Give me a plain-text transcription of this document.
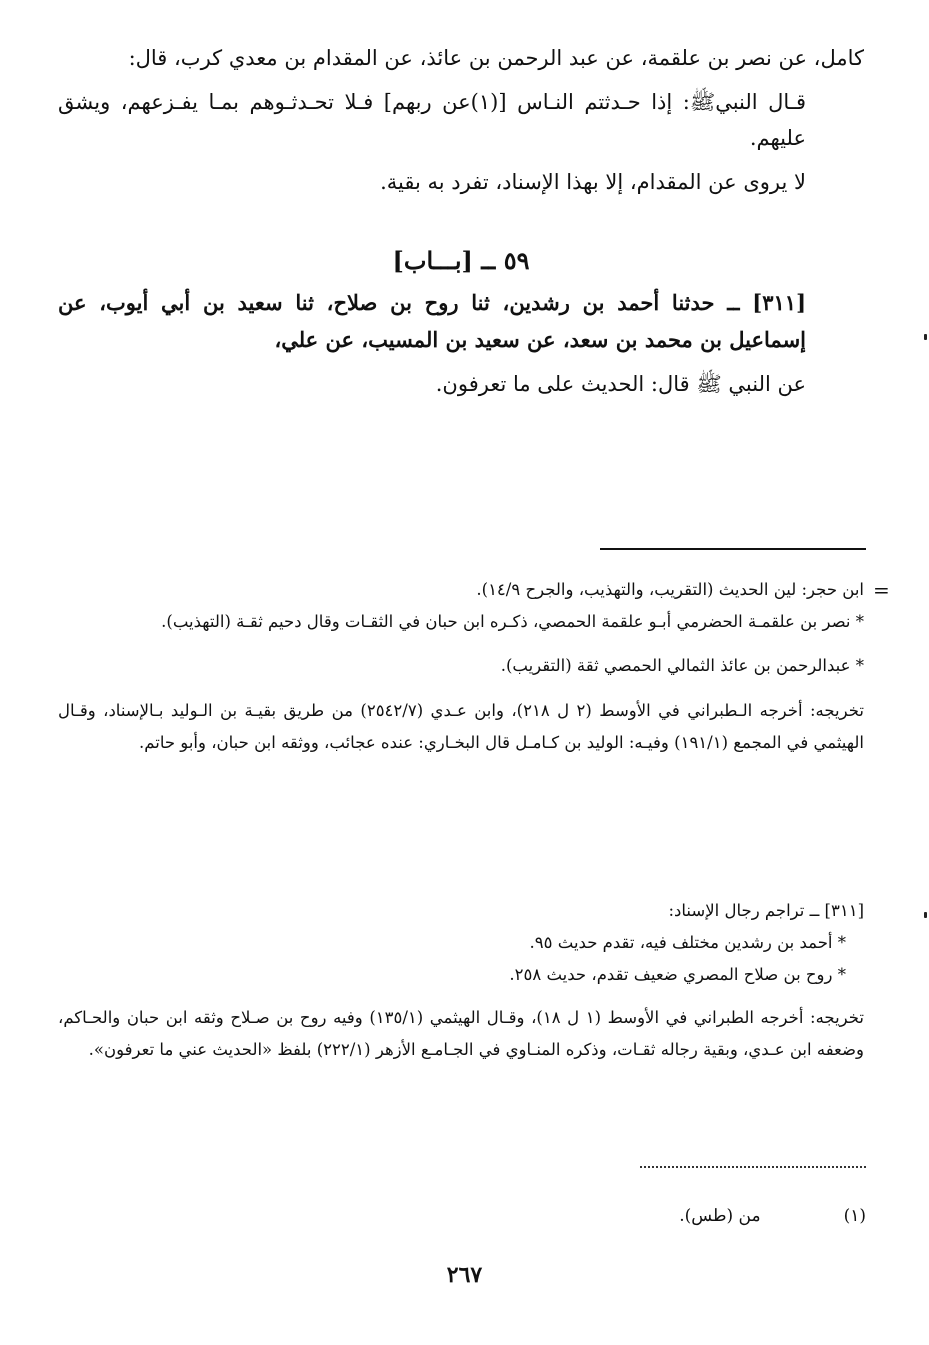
كامل، عن نصر بن علقمة، عن عبد الرحمن بن عائذ، عن المقدام بن معدي كرب، قال:

قـال النبيﷺ: إذا حـدثتم النـاس [(١)عن ربهم] فـلا تحـدثـوهم بمـا يفـزعهم، ويشق عليهم.

لا يروى عن المقدام، إلا بهذا الإسناد، تفرد به بقية.

٥٩ ــ [بـــاب]

[٣١١] ــ حدثنا أحمد بن رشدين، ثنا روح بن صلاح، ثنا سعيد بن أبي أيوب، عن إسماعيل بن محمد بن سعد، عن سعيد بن المسيب، عن علي،

عن النبي ﷺ قال: الحديث على ما تعرفون.

=

ابن حجر: لين الحديث (التقريب، والتهذيب، والجرح ١٤/٩).

* نصر بن علقمـة الحضرمي أبـو علقمة الحمصي، ذكـره ابن حبان في الثقـات وقال دحيم ثقـة (التهذيب).

* عبدالرحمن بن عائذ الثمالي الحمصي ثقة (التقريب).

تخريجه: أخرجه الـطبراني في الأوسط (٢ ل ٢١٨)، وابن عـدي (٢٥٤٢/٧) من طريق بقيـة بن الـوليد بـالإسناد، وقـال الهيثمي في المجمع (١٩١/١) وفيـه: الوليد بن كـامـل قال البخـاري: عنده عجائب، ووثقه ابن حبان، وأبو حاتم.

[٣١١] ــ تراجم رجال الإسناد:

* أحمد بن رشدين مختلف فيه، تقدم حديث ٩٥.

* روح بن صلاح المصري ضعيف تقدم، حديث ٢٥٨.

تخريجه: أخرجه الطبراني في الأوسط (١ ل ١٨)، وقـال الهيثمي (١٣٥/١) وفيه روح بن صـلاح وثقه ابن حبان والحـاكم، وضعفه ابن عـدي، وبقية رجاله ثقـات، وذكره المنـاوي في الجـامـع الأزهر (٢٢٢/١) بلفظ «الحديث عني ما تعرفون».

(١) من (طس).
٢٦٧
